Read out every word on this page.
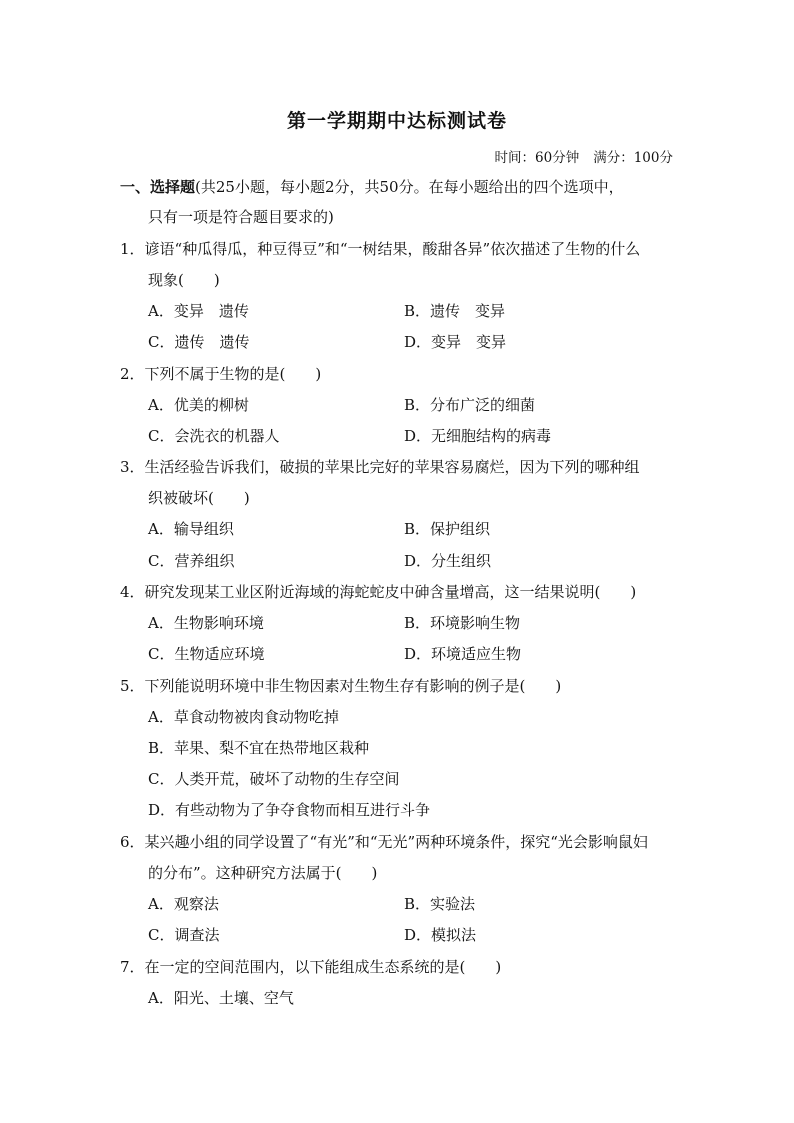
第一学期期中达标测试卷
时间：60分钟 满分：100分
一、选择题(共25小题，每小题2分，共50分。在每小题给出的四个选项中，
只有一项是符合题目要求的)
1．谚语“种瓜得瓜，种豆得豆”和“一树结果，酸甜各异”依次描述了生物的什么
现象(　　)
A．变异　遗传	B．遗传　变异
C．遗传　遗传	D．变异　变异
2．下列不属于生物的是(　　)
A．优美的柳树	B．分布广泛的细菌
C．会洗衣的机器人	D．无细胞结构的病毒
3．生活经验告诉我们，破损的苹果比完好的苹果容易腐烂，因为下列的哪种组
织被破坏(　　)
A．输导组织	B．保护组织
C．营养组织	D．分生组织
4．研究发现某工业区附近海域的海蛇蛇皮中砷含量增高，这一结果说明(　　)
A．生物影响环境	B．环境影响生物
C．生物适应环境	D．环境适应生物
5．下列能说明环境中非生物因素对生物生存有影响的例子是(　　)
A．草食动物被肉食动物吃掉
B．苹果、梨不宜在热带地区栽种
C．人类开荒，破坏了动物的生存空间
D．有些动物为了争夺食物而相互进行斗争
6．某兴趣小组的同学设置了“有光”和“无光”两种环境条件，探究“光会影响鼠妇
的分布”。这种研究方法属于(　　)
A．观察法	B．实验法
C．调查法	D．模拟法
7．在一定的空间范围内，以下能组成生态系统的是(　　)
A．阳光、土壤、空气
